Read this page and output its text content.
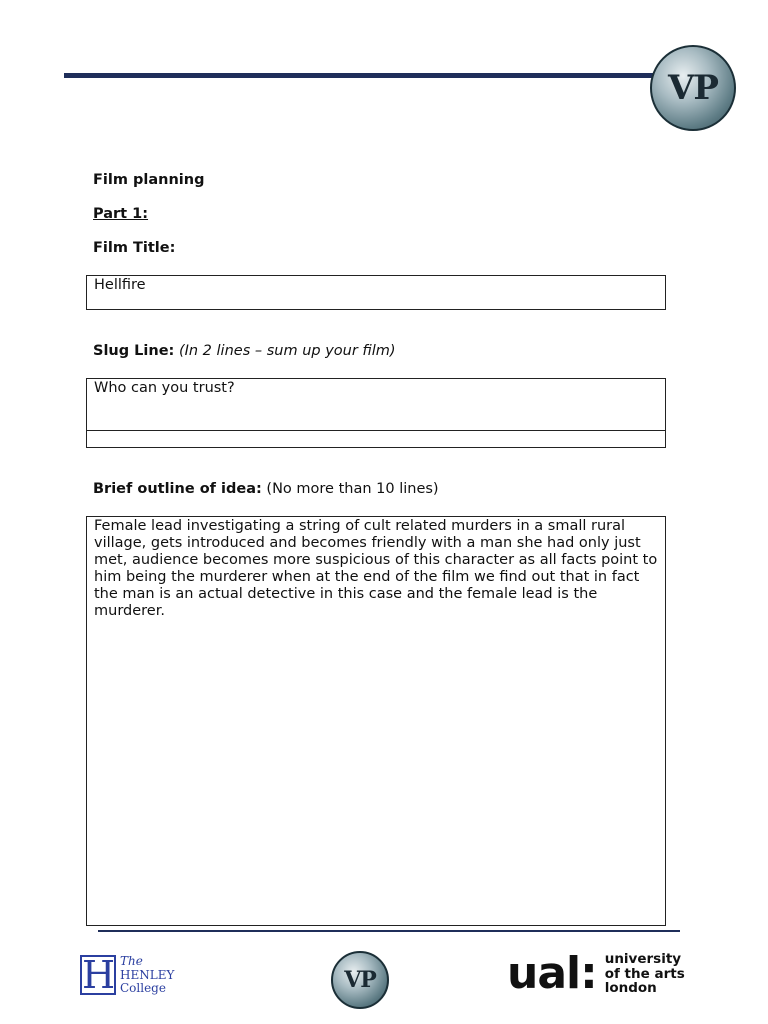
VP
Film planning
Part 1:
Film Title:
Hellfire
Slug Line: (In 2 lines – sum up your film)
Who can you trust?
Brief outline of idea: (No more than 10 lines)
Female lead investigating a string of cult related murders in a small rural village, gets introduced and becomes friendly with a man she had only just met, audience becomes more suspicious of this character as all facts point to him being the murderer when at the end of the film we find out that in fact the man is an actual detective in this case and the female lead is the murderer.
H The
HENLEY
College	VP	ual: university
of the arts
london
